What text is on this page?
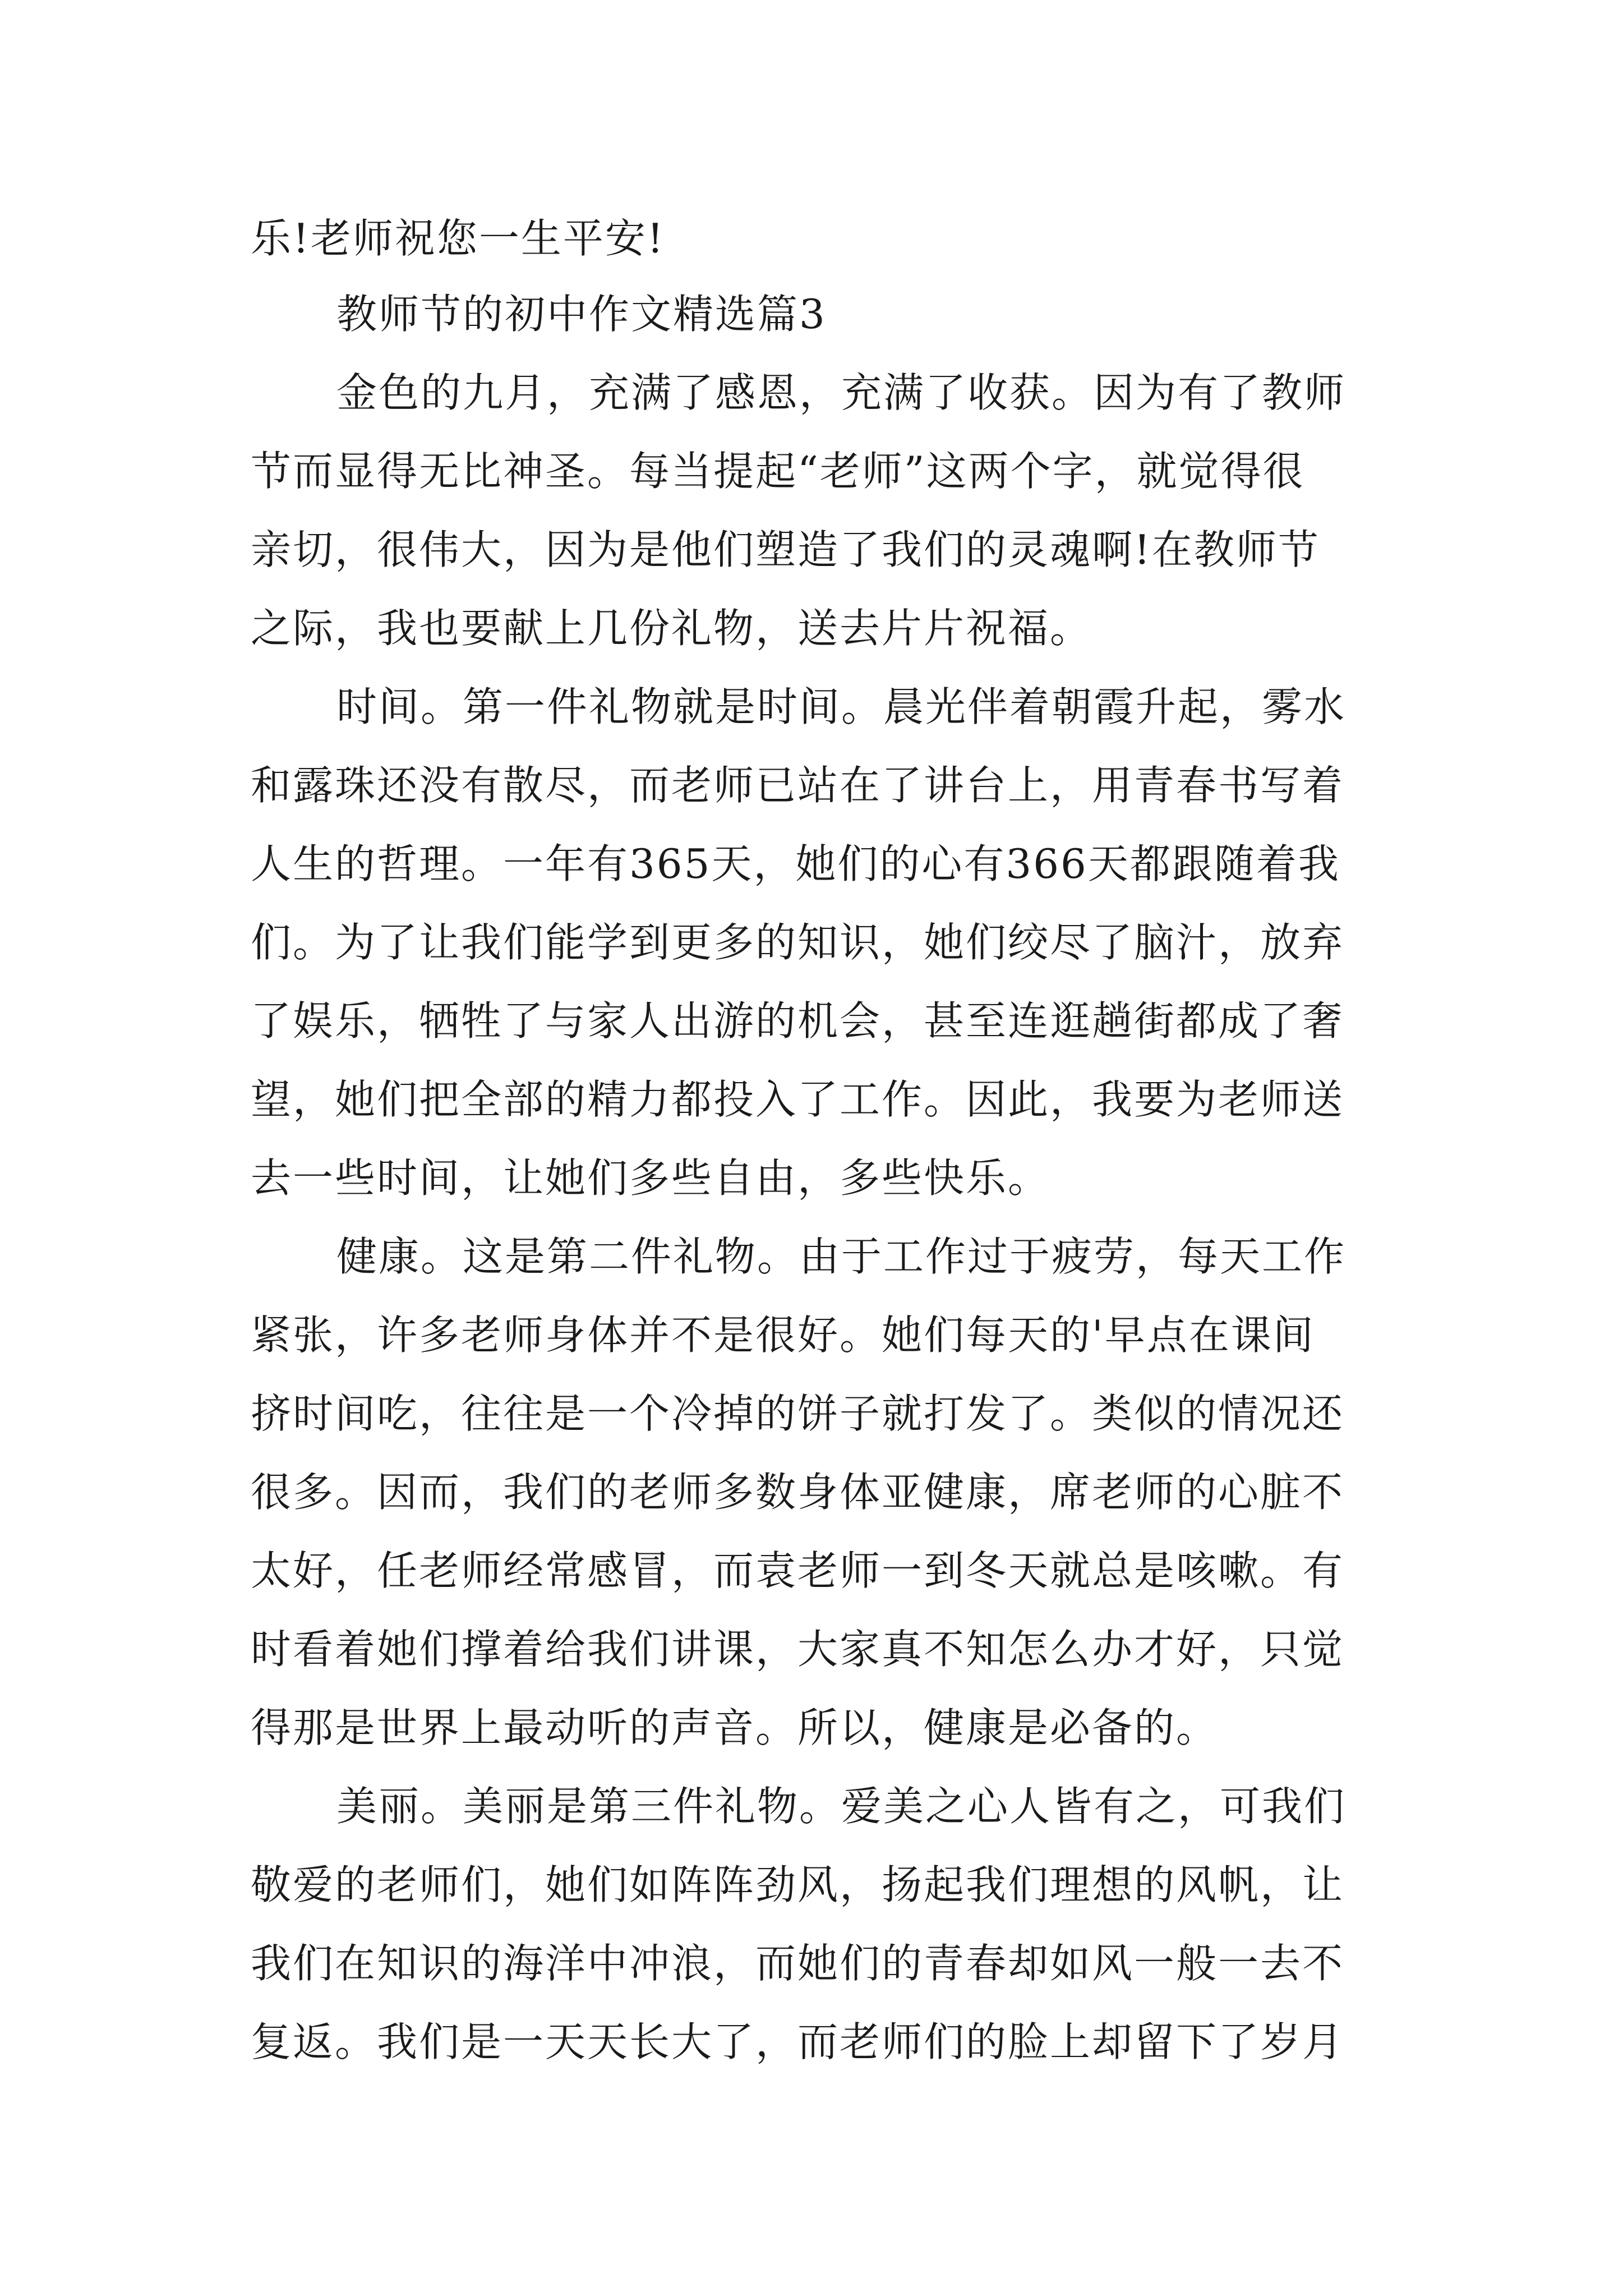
乐!老师祝您一生平安!
教师节的初中作文精选篇3
金色的九月，充满了感恩，充满了收获。因为有了教师
节而显得无比神圣。每当提起“老师”这两个字，就觉得很
亲切，很伟大，因为是他们塑造了我们的灵魂啊!在教师节
之际，我也要献上几份礼物，送去片片祝福。
时间。第一件礼物就是时间。晨光伴着朝霞升起，雾水
和露珠还没有散尽，而老师已站在了讲台上，用青春书写着
人生的哲理。一年有365天，她们的心有366天都跟随着我
们。为了让我们能学到更多的知识，她们绞尽了脑汁，放弃
了娱乐，牺牲了与家人出游的机会，甚至连逛趟街都成了奢
望，她们把全部的精力都投入了工作。因此，我要为老师送
去一些时间，让她们多些自由，多些快乐。
健康。这是第二件礼物。由于工作过于疲劳，每天工作
紧张，许多老师身体并不是很好。她们每天的'早点在课间
挤时间吃，往往是一个冷掉的饼子就打发了。类似的情况还
很多。因而，我们的老师多数身体亚健康，席老师的心脏不
太好，任老师经常感冒，而袁老师一到冬天就总是咳嗽。有
时看着她们撑着给我们讲课，大家真不知怎么办才好，只觉
得那是世界上最动听的声音。所以，健康是必备的。
美丽。美丽是第三件礼物。爱美之心人皆有之，可我们
敬爱的老师们，她们如阵阵劲风，扬起我们理想的风帆，让
我们在知识的海洋中冲浪，而她们的青春却如风一般一去不
复返。我们是一天天长大了，而老师们的脸上却留下了岁月
